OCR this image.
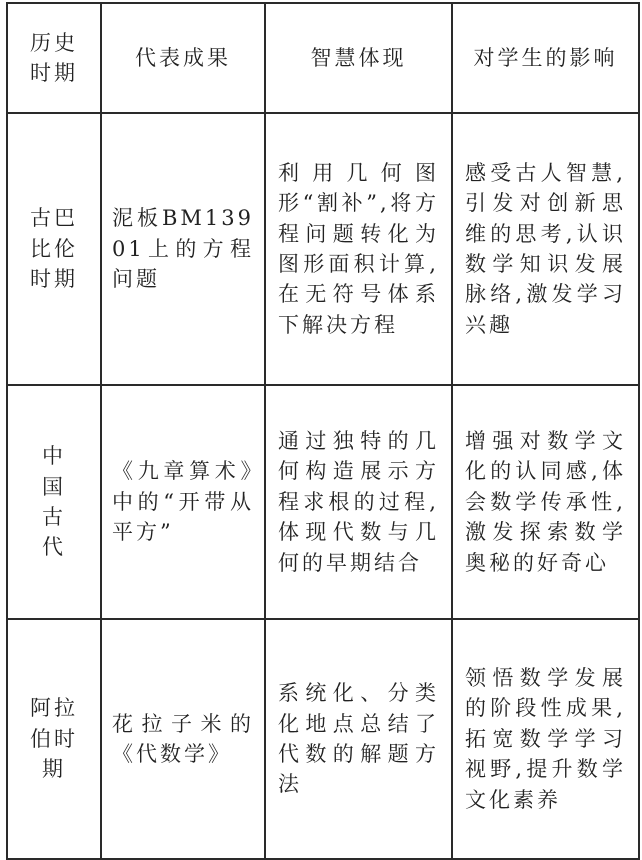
历史时期	代表成果	智慧体现	对学生的影响
古巴比伦时期	泥板BM13901上的方程问题	利用几何图形“割补”,将方程问题转化为图形面积计算,在无符号体系下解决方程	感受古人智慧,引发对创新思维的思考,认识数学知识发展脉络,激发学习兴趣
中国古代	《九章算术》中的“开带从平方”	通过独特的几何构造展示方程求根的过程,体现代数与几何的早期结合	增强对数学文化的认同感,体会数学传承性,激发探索数学奥秘的好奇心
阿拉伯时期	花拉子米的《代数学》	系统化、分类化地点总结了代数的解题方法	领悟数学发展的阶段性成果,拓宽数学学习视野,提升数学文化素养
